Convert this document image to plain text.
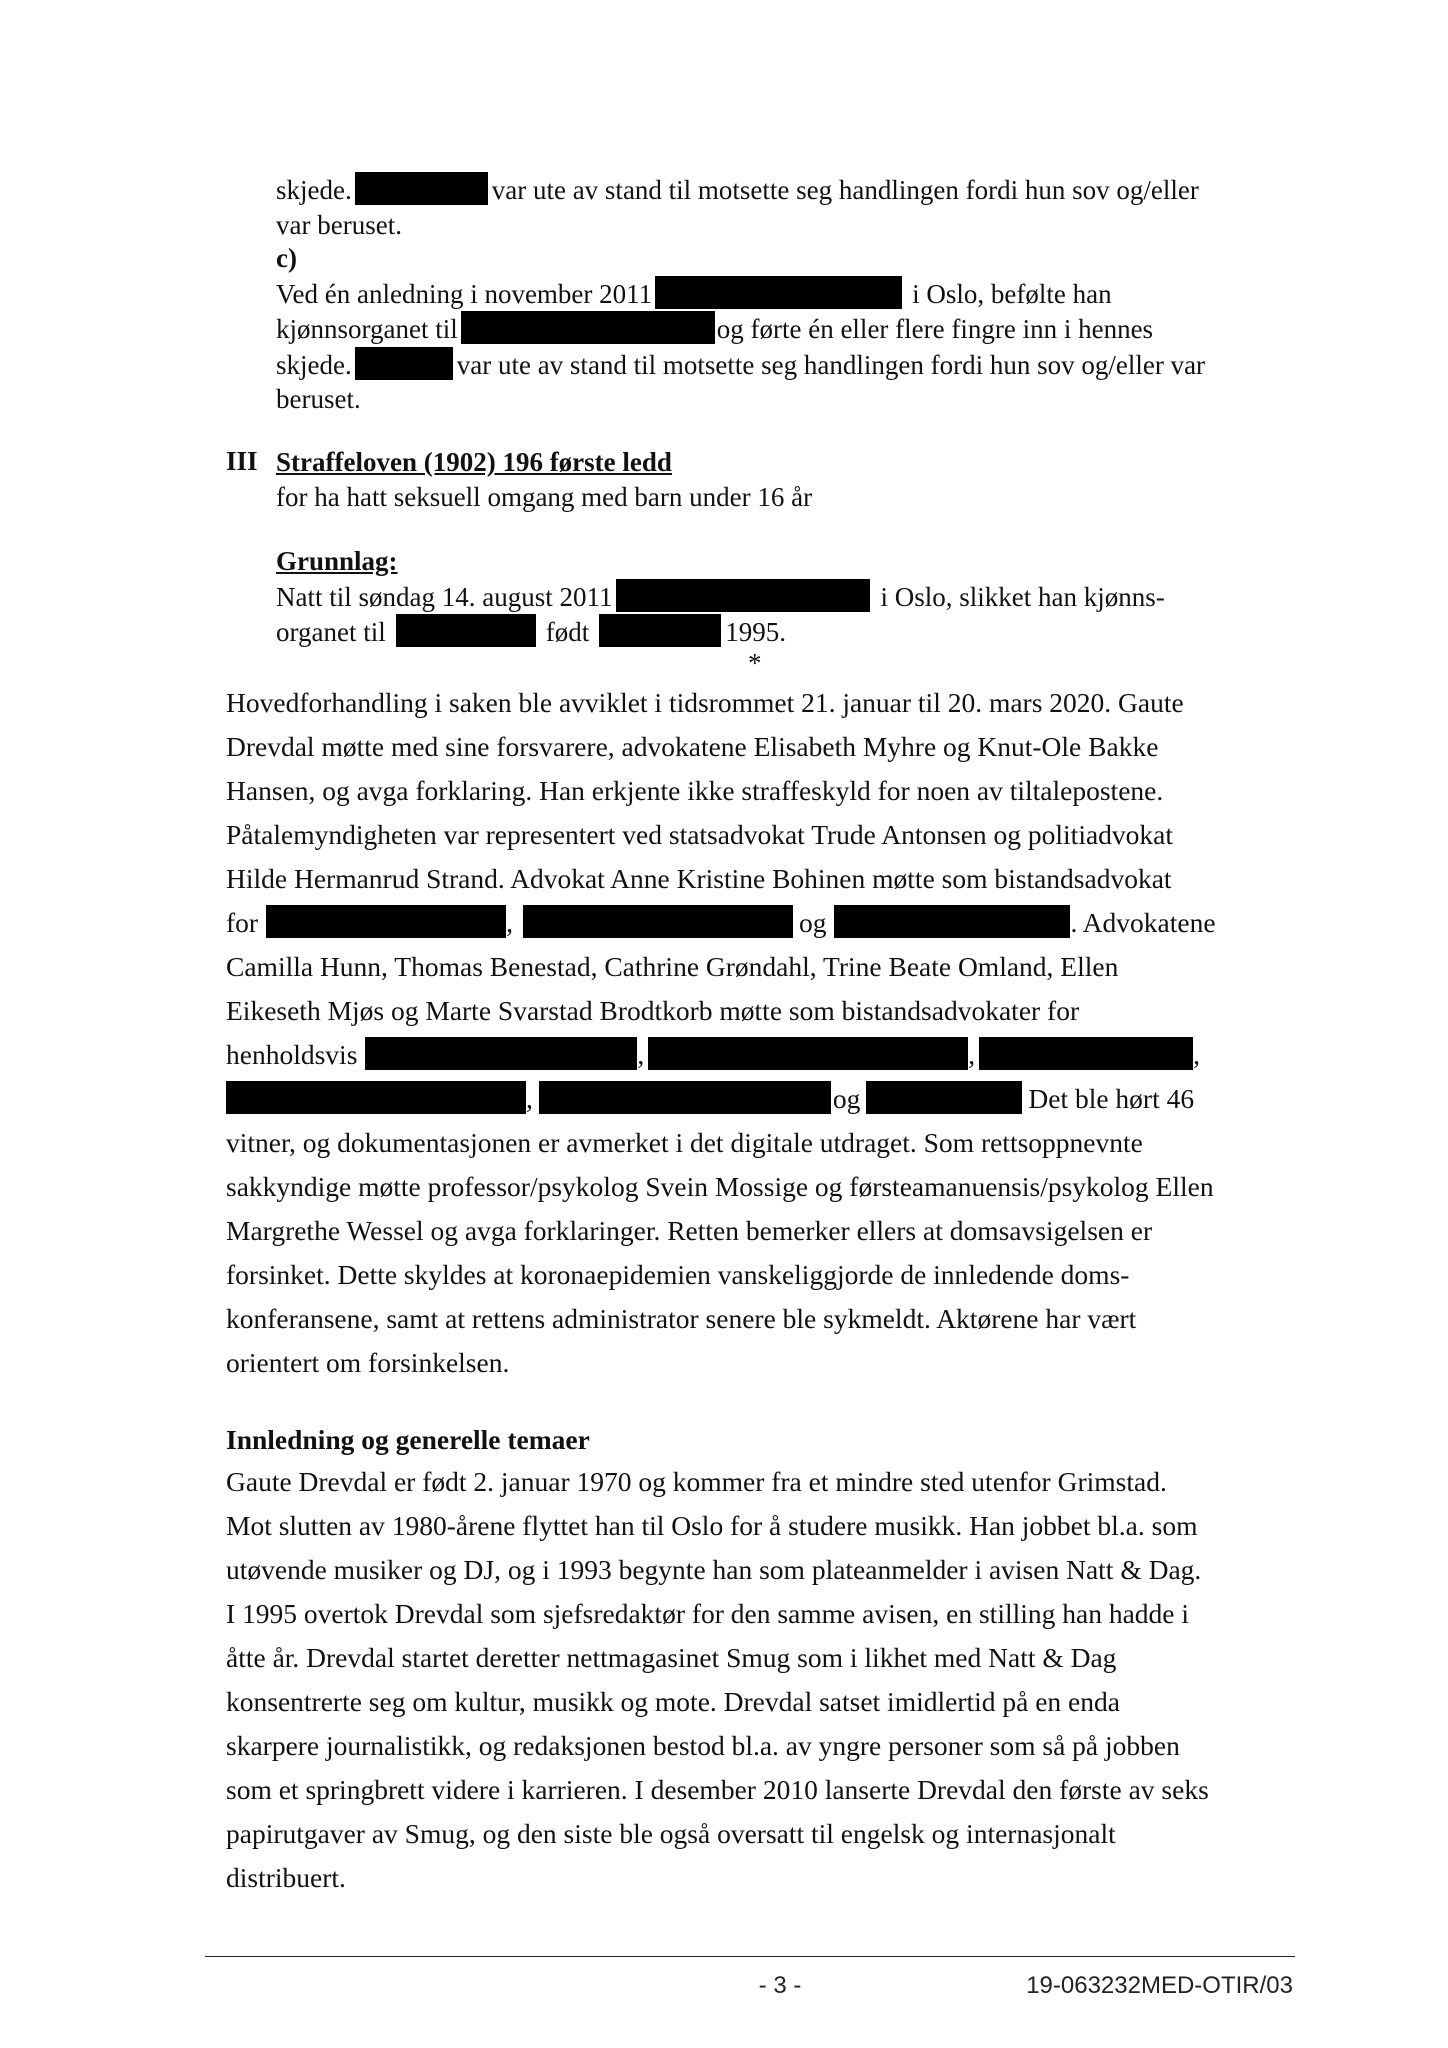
skjede.	var ute av stand til motsette seg handlingen fordi hun sov og/eller
var beruset.
c)
Ved én anledning i november 2011	i Oslo, befølte han
kjønnsorganet til	og førte én eller flere fingre inn i hennes
skjede.	var ute av stand til motsette seg handlingen fordi hun sov og/eller var
beruset.
III Straffeloven (1902) 196 første ledd
for ha hatt seksuell omgang med barn under 16 år
Grunnlag:
Natt til søndag 14. august 2011	i Oslo, slikket han kjønns-
organet til	født	1995.
*

Hovedforhandling i saken ble avviklet i tidsrommet 21. januar til 20. mars 2020. Gaute

Drevdal møtte med sine forsvarere, advokatene Elisabeth Myhre og Knut-Ole Bakke

Hansen, og avga forklaring. Han erkjente ikke straffeskyld for noen av tiltalepostene.

Påtalemyndigheten var representert ved statsadvokat Trude Antonsen og politiadvokat

Hilde Hermanrud Strand. Advokat Anne Kristine Bohinen møtte som bistandsadvokat

for	,	og	. Advokatene

Camilla Hunn, Thomas Benestad, Cathrine Grøndahl, Trine Beate Omland, Ellen

Eikeseth Mjøs og Marte Svarstad Brodtkorb møtte som bistandsadvokater for

henholdsvis	,	,	,

,	og	Det ble hørt 46

vitner, og dokumentasjonen er avmerket i det digitale utdraget. Som rettsoppnevnte

sakkyndige møtte professor/psykolog Svein Mossige og førsteamanuensis/psykolog Ellen

Margrethe Wessel og avga forklaringer. Retten bemerker ellers at domsavsigelsen er

forsinket. Dette skyldes at koronaepidemien vanskeliggjorde de innledende doms-

konferansene, samt at rettens administrator senere ble sykmeldt. Aktørene har vært

orientert om forsinkelsen.

Innledning og generelle temaer

Gaute Drevdal er født 2. januar 1970 og kommer fra et mindre sted utenfor Grimstad.

Mot slutten av 1980-årene flyttet han til Oslo for å studere musikk. Han jobbet bl.a. som

utøvende musiker og DJ, og i 1993 begynte han som plateanmelder i avisen Natt & Dag.

I 1995 overtok Drevdal som sjefsredaktør for den samme avisen, en stilling han hadde i

åtte år. Drevdal startet deretter nettmagasinet Smug som i likhet med Natt & Dag

konsentrerte seg om kultur, musikk og mote. Drevdal satset imidlertid på en enda

skarpere journalistikk, og redaksjonen bestod bl.a. av yngre personer som så på jobben

som et springbrett videre i karrieren. I desember 2010 lanserte Drevdal den første av seks

papirutgaver av Smug, og den siste ble også oversatt til engelsk og internasjonalt

distribuert.

- 3 -	19-063232MED-OTIR/03
